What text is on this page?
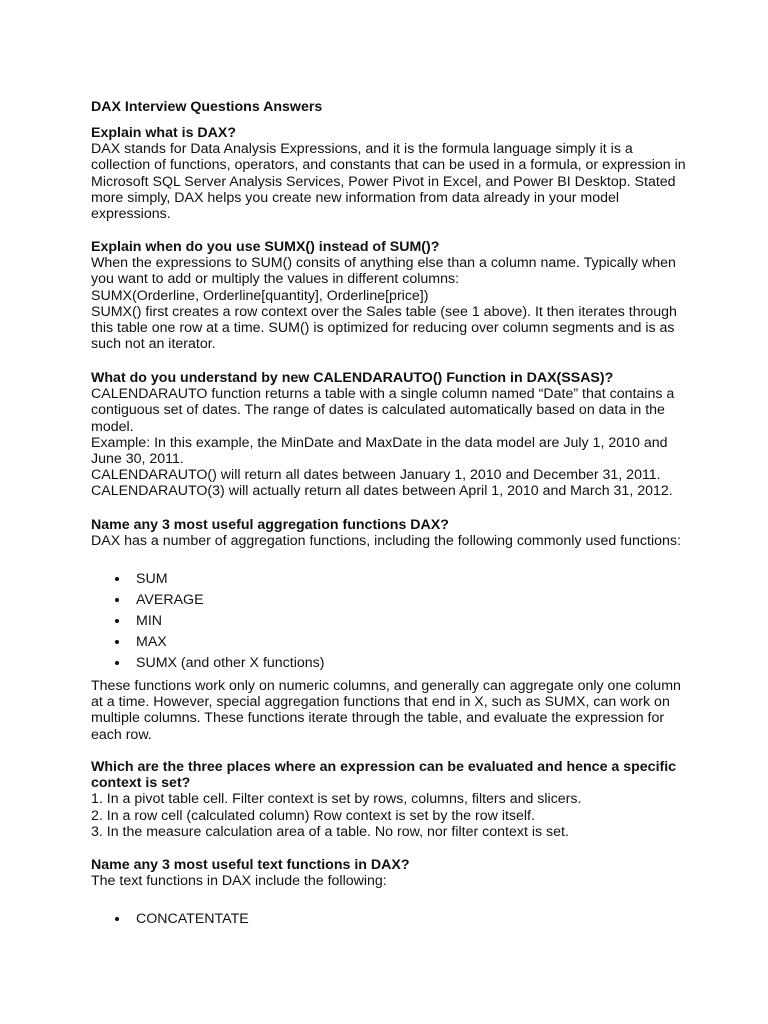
DAX Interview Questions Answers

Explain what is DAX?

DAX stands for Data Analysis Expressions, and it is the formula language simply it is a
collection of functions, operators, and constants that can be used in a formula, or expression in
Microsoft SQL Server Analysis Services, Power Pivot in Excel, and Power BI Desktop. Stated
more simply, DAX helps you create new information from data already in your model
expressions.

Explain when do you use SUMX() instead of SUM()?

When the expressions to SUM() consits of anything else than a column name. Typically when
you want to add or multiply the values in different columns:
SUMX(Orderline, Orderline[quantity], Orderline[price])
SUMX() first creates a row context over the Sales table (see 1 above). It then iterates through
this table one row at a time. SUM() is optimized for reducing over column segments and is as
such not an iterator.

What do you understand by new CALENDARAUTO() Function in DAX(SSAS)?

CALENDARAUTO function returns a table with a single column named “Date” that contains a
contiguous set of dates. The range of dates is calculated automatically based on data in the
model.
Example: In this example, the MinDate and MaxDate in the data model are July 1, 2010 and
June 30, 2011.
CALENDARAUTO() will return all dates between January 1, 2010 and December 31, 2011.
CALENDARAUTO(3) will actually return all dates between April 1, 2010 and March 31, 2012.

Name any 3 most useful aggregation functions DAX?

DAX has a number of aggregation functions, including the following commonly used functions:

SUM
AVERAGE
MIN
MAX
SUMX (and other X functions)

These functions work only on numeric columns, and generally can aggregate only one column
at a time. However, special aggregation functions that end in X, such as SUMX, can work on
multiple columns. These functions iterate through the table, and evaluate the expression for
each row.

Which are the three places where an expression can be evaluated and hence a specific
context is set?

1. In a pivot table cell. Filter context is set by rows, columns, filters and slicers.
2. In a row cell (calculated column) Row context is set by the row itself.
3. In the measure calculation area of a table. No row, nor filter context is set.

Name any 3 most useful text functions in DAX?

The text functions in DAX include the following:

CONCATENTATE
